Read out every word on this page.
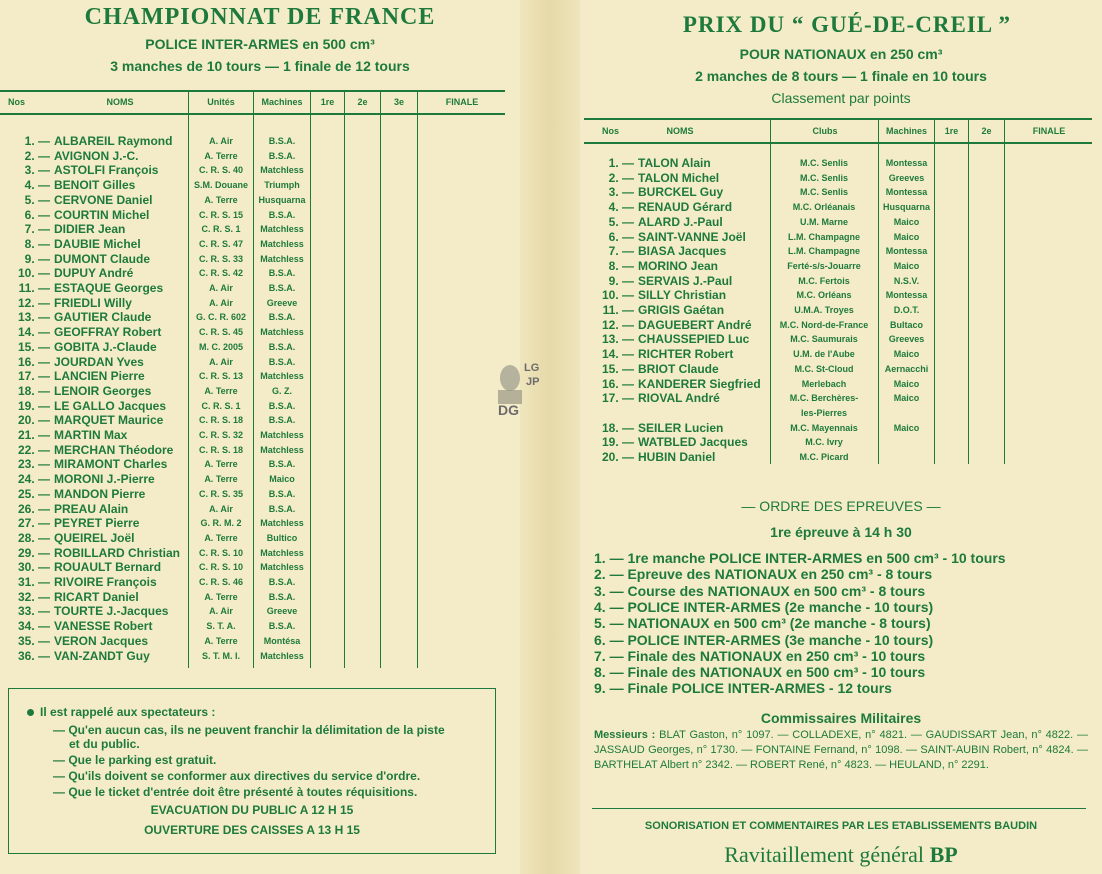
CHAMPIONNAT DE FRANCE
POLICE INTER-ARMES en 500 cm³
3 manches de 10 tours — 1 finale de 12 tours
Nos	NOMS	Unités	Machines	1re	2e	3e	FINALE
1. — ALBAREIL Raymond	A. Air	B.S.A.
2. — AVIGNON J.-C.	A. Terre	B.S.A.
3. — ASTOLFI François	C. R. S. 40	Matchless
4. — BENOIT Gilles	S.M. Douane	Triumph
5. — CERVONE Daniel	A. Terre	Husquarna
6. — COURTIN Michel	C. R. S. 15	B.S.A.
7. — DIDIER Jean	C. R. S. 1	Matchless
8. — DAUBIE Michel	C. R. S. 47	Matchless
9. — DUMONT Claude	C. R. S. 33	Matchless
10. — DUPUY André	C. R. S. 42	B.S.A.
11. — ESTAQUE Georges	A. Air	B.S.A.
12. — FRIEDLI Willy	A. Air	Greeve
13. — GAUTIER Claude	G. C. R. 602	B.S.A.
14. — GEOFFRAY Robert	C. R. S. 45	Matchless
15. — GOBITA J.-Claude	M. C. 2005	B.S.A.
16. — JOURDAN Yves	A. Air	B.S.A.
17. — LANCIEN Pierre	C. R. S. 13	Matchless
18. — LENOIR Georges	A. Terre	G. Z.
19. — LE GALLO Jacques	C. R. S. 1	B.S.A.
20. — MARQUET Maurice	C. R. S. 18	B.S.A.
21. — MARTIN Max	C. R. S. 32	Matchless
22. — MERCHAN Théodore	C. R. S. 18	Matchless
23. — MIRAMONT Charles	A. Terre	B.S.A.
24. — MORONI J.-Pierre	A. Terre	Maico
25. — MANDON Pierre	C. R. S. 35	B.S.A.
26. — PREAU Alain	A. Air	B.S.A.
27. — PEYRET Pierre	G. R. M. 2	Matchless
28. — QUEIREL Joël	A. Terre	Bultico
29. — ROBILLARD Christian	C. R. S. 10	Matchless
30. — ROUAULT Bernard	C. R. S. 10	Matchless
31. — RIVOIRE François	C. R. S. 46	B.S.A.
32. — RICART Daniel	A. Terre	B.S.A.
33. — TOURTE J.-Jacques	A. Air	Greeve
34. — VANESSE Robert	S. T. A.	B.S.A.
35. — VERON Jacques	A. Terre	Montésa
36. — VAN-ZANDT Guy	S. T. M. I.	Matchless
Il est rappelé aux spectateurs :
— Qu'en aucun cas, ils ne peuvent franchir la délimitation de la piste
et du public.
— Que le parking est gratuit.
— Qu'ils doivent se conformer aux directives du service d'ordre.
— Que le ticket d'entrée doit être présenté à toutes réquisitions.
EVACUATION DU PUBLIC A 12 H 15
OUVERTURE DES CAISSES A 13 H 15
LG
JP
DG
PRIX DU “ GUÉ-DE-CREIL ”
POUR NATIONAUX en 250 cm³
2 manches de 8 tours — 1 finale en 10 tours
Classement par points
Nos	NOMS	Clubs	Machines	1re	2e	FINALE
1. — TALON Alain	M.C. Senlis	Montessa
2. — TALON Michel	M.C. Senlis	Greeves
3. — BURCKEL Guy	M.C. Senlis	Montessa
4. — RENAUD Gérard	M.C. Orléanais	Husquarna
5. — ALARD J.-Paul	U.M. Marne	Maico
6. — SAINT-VANNE Joël	L.M. Champagne	Maico
7. — BIASA Jacques	L.M. Champagne	Montessa
8. — MORINO Jean	Ferté-s/s-Jouarre	Maico
9. — SERVAIS J.-Paul	M.C. Fertois	N.S.V.
10. — SILLY Christian	M.C. Orléans	Montessa
11. — GRIGIS Gaétan	U.M.A. Troyes	D.O.T.
12. — DAGUEBERT André	M.C. Nord-de-France	Bultaco
13. — CHAUSSEPIED Luc	M.C. Saumurais	Greeves
14. — RICHTER Robert	U.M. de l'Aube	Maico
15. — BRIOT Claude	M.C. St-Cloud	Aernacchi
16. — KANDERER Siegfried	Merlebach	Maico
17. — RIOVAL André	M.C. Berchères-	Maico
les-Pierres
18. — SEILER Lucien	M.C. Mayennais	Maico
19. — WATBLED Jacques	M.C. Ivry
20. — HUBIN Daniel	M.C. Picard
— ORDRE DES EPREUVES —
1re épreuve à 14 h 30
1. — 1re manche POLICE INTER-ARMES en 500 cm³ - 10 tours
2. — Epreuve des NATIONAUX en 250 cm³ - 8 tours
3. — Course des NATIONAUX en 500 cm³ - 8 tours
4. — POLICE INTER-ARMES (2e manche - 10 tours)
5. — NATIONAUX en 500 cm³ (2e manche - 8 tours)
6. — POLICE INTER-ARMES (3e manche - 10 tours)
7. — Finale des NATIONAUX en 250 cm³ - 10 tours
8. — Finale des NATIONAUX en 500 cm³ - 10 tours
9. — Finale POLICE INTER-ARMES - 12 tours
Commissaires Militaires
Messieurs : BLAT Gaston, n° 1097. — COLLADEXE, n° 4821. — GAUDISSART Jean, n° 4822. — JASSAUD Georges, n° 1730. — FONTAINE Fernand, n° 1098. — SAINT-AUBIN Robert, n° 4824. — BARTHELAT Albert n° 2342. — ROBERT René, n° 4823. — HEULAND, n° 2291.
SONORISATION ET COMMENTAIRES PAR LES ETABLISSEMENTS BAUDIN
Ravitaillement général BP
